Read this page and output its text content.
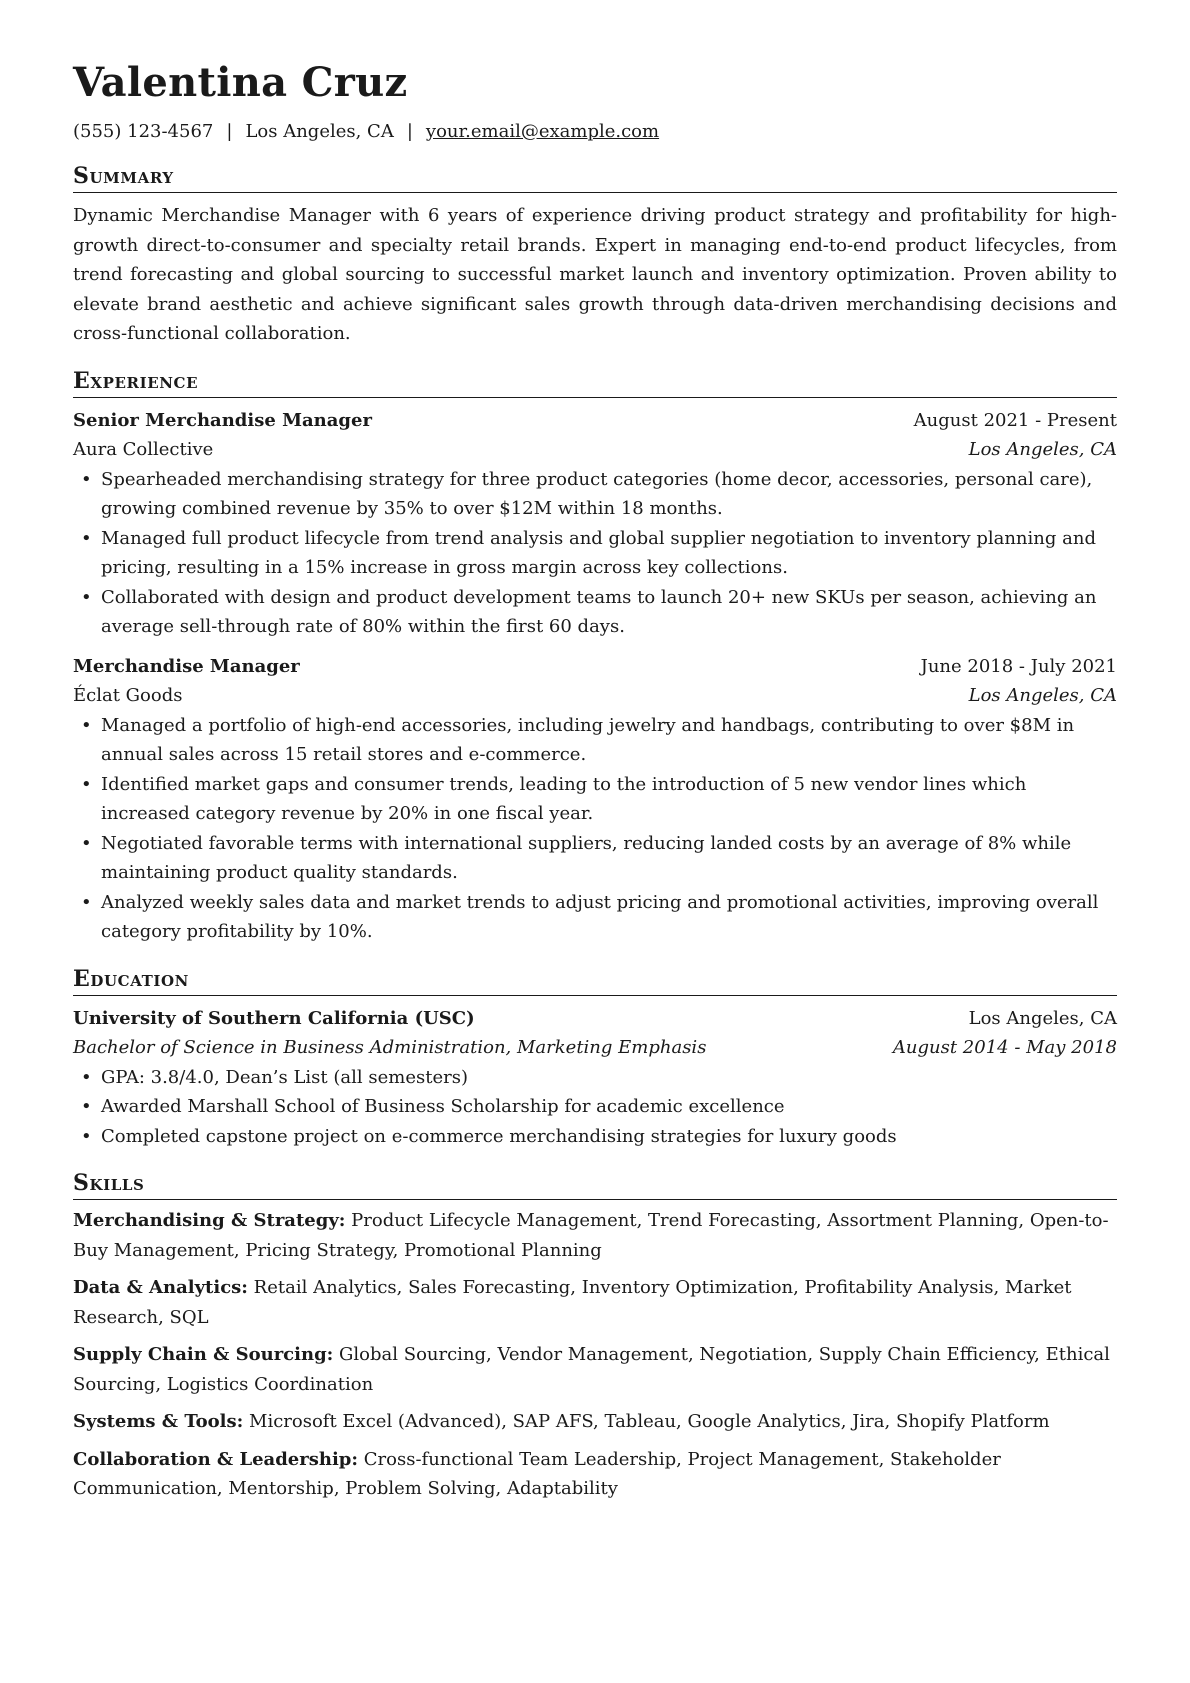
Valentina Cruz
(555) 123-4567 | Los Angeles, CA | your.email@example.com
Summary
Dynamic Merchandise Manager with 6 years of experience driving product strategy and profitability for high-growth direct-to-consumer and specialty retail brands. Expert in managing end-to-end product lifecycles, from trend forecasting and global sourcing to successful market launch and inventory optimization. Proven ability to elevate brand aesthetic and achieve significant sales growth through data-driven merchandising decisions and cross-functional collaboration.
Experience
Senior Merchandise Manager	August 2021 - Present
Aura Collective	Los Angeles, CA
• Spearheaded merchandising strategy for three product categories (home decor, accessories, personal care), growing combined revenue by 35% to over $12M within 18 months.
• Managed full product lifecycle from trend analysis and global supplier negotiation to inventory planning and pricing, resulting in a 15% increase in gross margin across key collections.
• Collaborated with design and product development teams to launch 20+ new SKUs per season, achieving an average sell-through rate of 80% within the first 60 days.
Merchandise Manager	June 2018 - July 2021
Éclat Goods	Los Angeles, CA
• Managed a portfolio of high-end accessories, including jewelry and handbags, contributing to over $8M in annual sales across 15 retail stores and e-commerce.
• Identified market gaps and consumer trends, leading to the introduction of 5 new vendor lines which increased category revenue by 20% in one fiscal year.
• Negotiated favorable terms with international suppliers, reducing landed costs by an average of 8% while maintaining product quality standards.
• Analyzed weekly sales data and market trends to adjust pricing and promotional activities, improving overall category profitability by 10%.
Education
University of Southern California (USC)	Los Angeles, CA
Bachelor of Science in Business Administration, Marketing Emphasis	August 2014 - May 2018
• GPA: 3.8/4.0, Dean’s List (all semesters)
• Awarded Marshall School of Business Scholarship for academic excellence
• Completed capstone project on e-commerce merchandising strategies for luxury goods
Skills
Merchandising & Strategy: Product Lifecycle Management, Trend Forecasting, Assortment Planning, Open-to-Buy Management, Pricing Strategy, Promotional Planning
Data & Analytics: Retail Analytics, Sales Forecasting, Inventory Optimization, Profitability Analysis, Market Research, SQL
Supply Chain & Sourcing: Global Sourcing, Vendor Management, Negotiation, Supply Chain Efficiency, Ethical Sourcing, Logistics Coordination
Systems & Tools: Microsoft Excel (Advanced), SAP AFS, Tableau, Google Analytics, Jira, Shopify Platform
Collaboration & Leadership: Cross-functional Team Leadership, Project Management, Stakeholder Communication, Mentorship, Problem Solving, Adaptability
